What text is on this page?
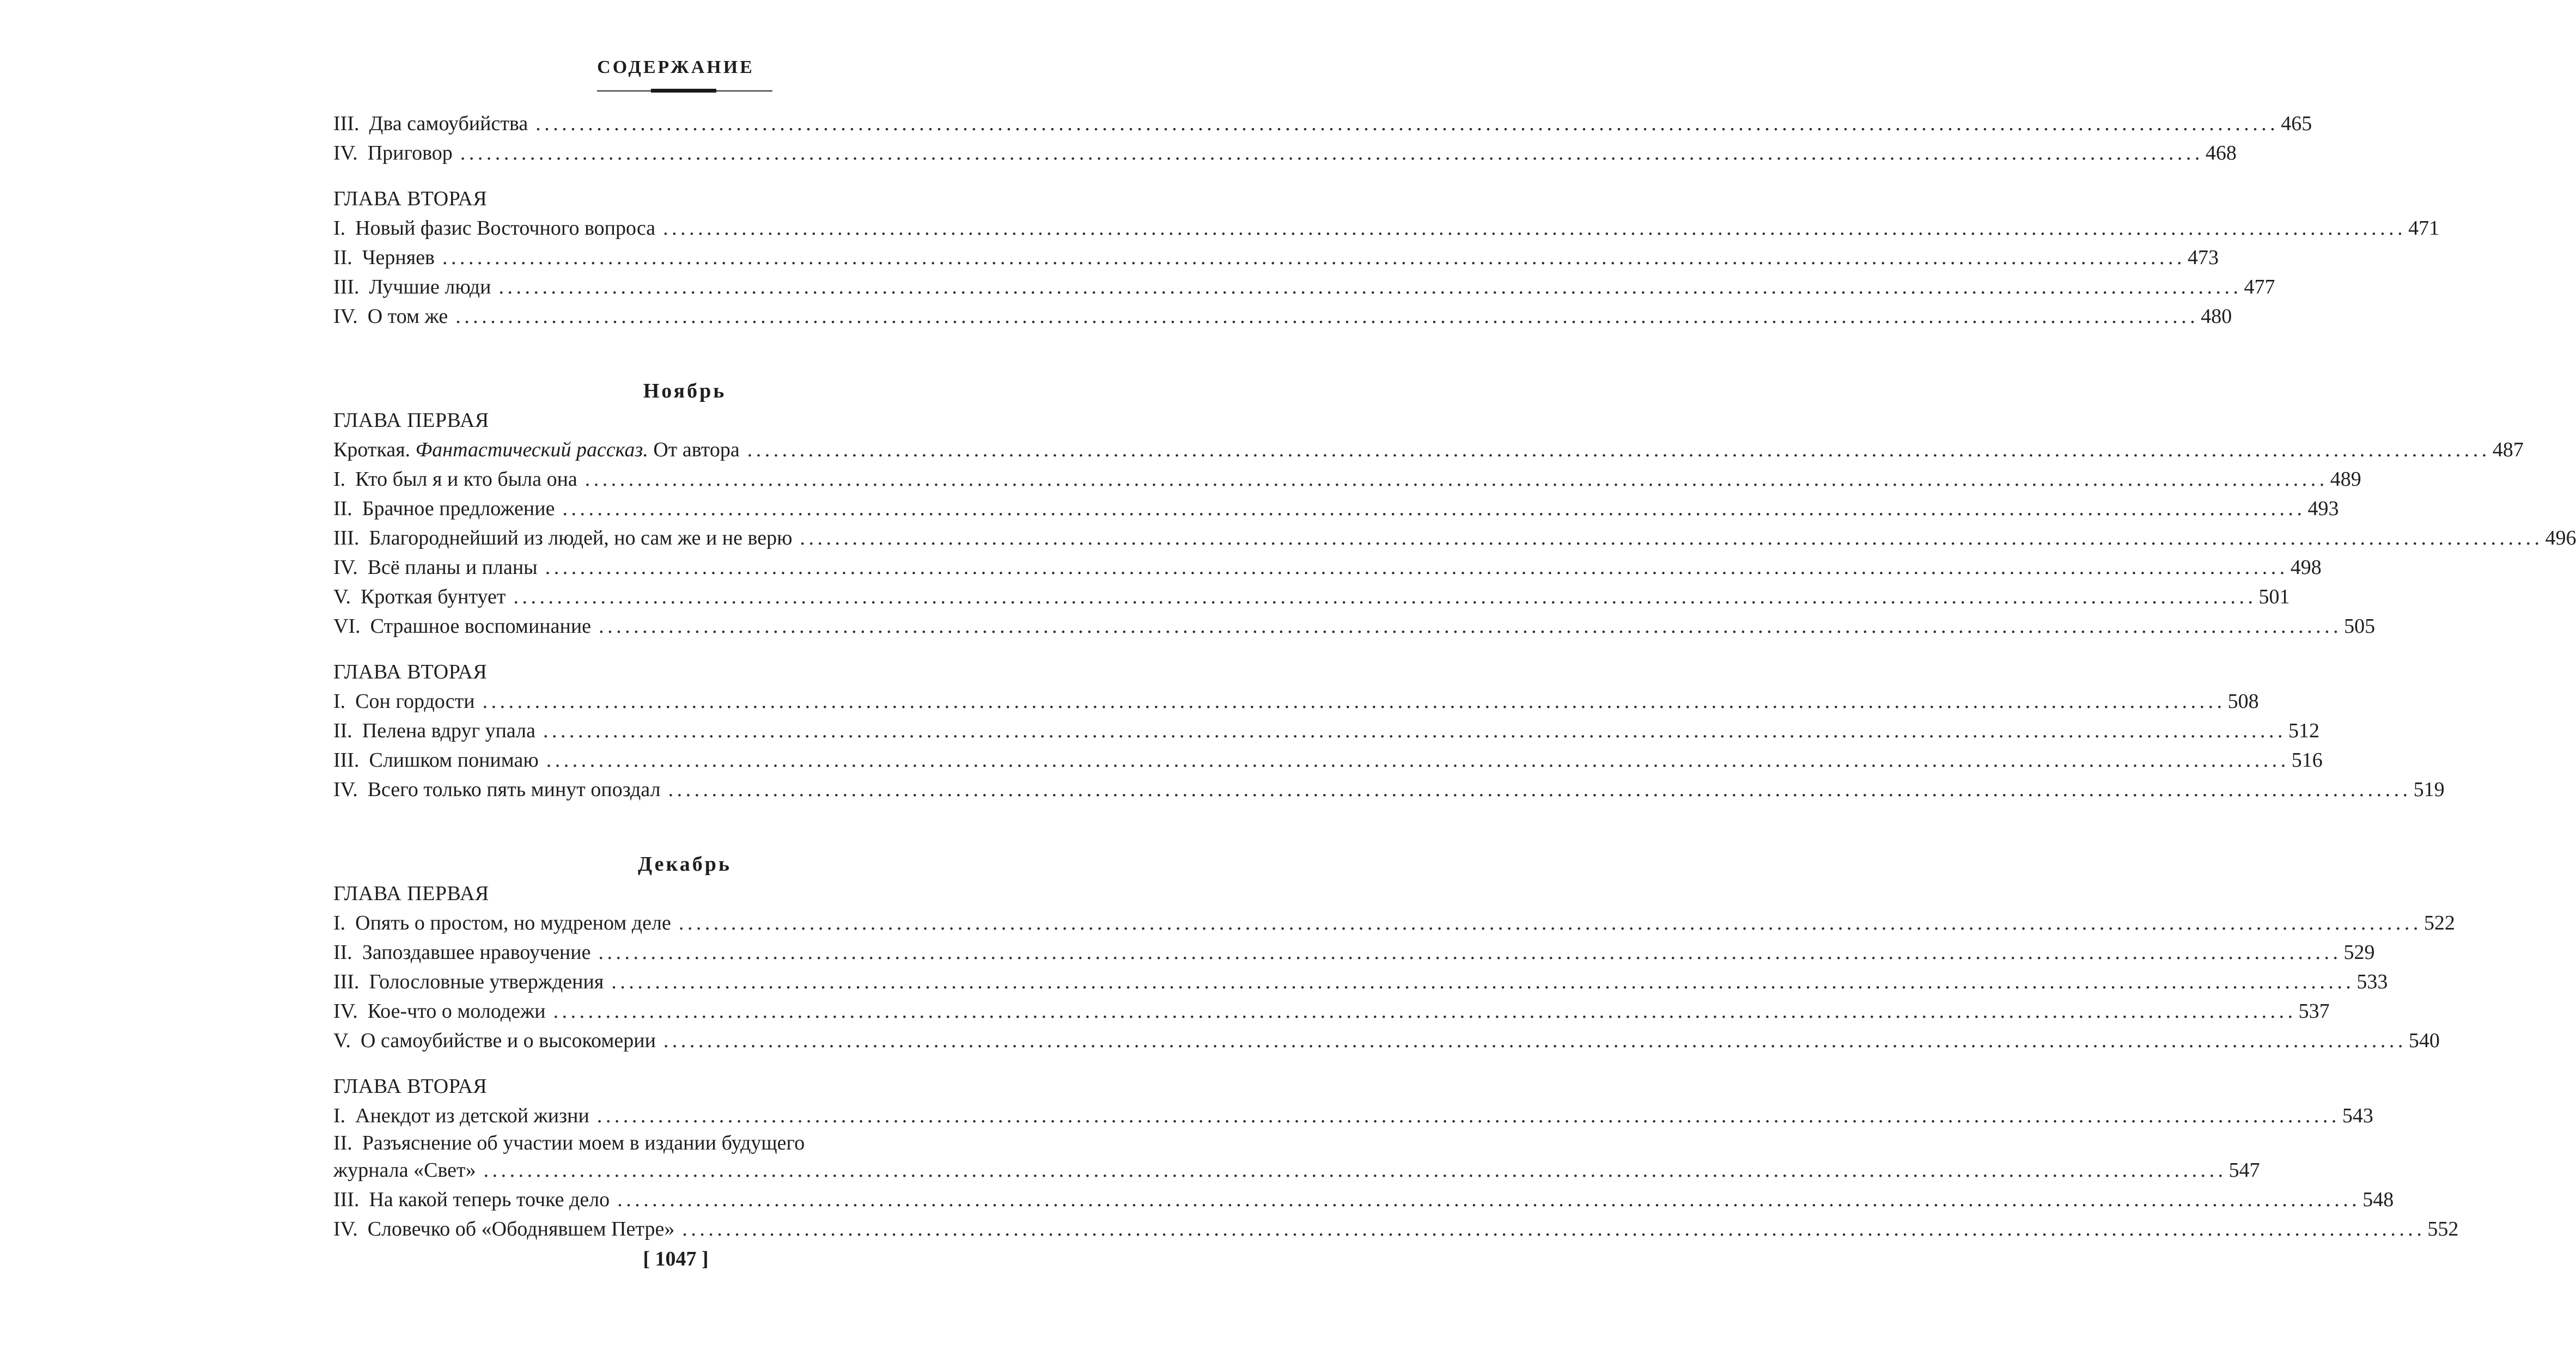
СОДЕРЖАНИЕ
III. Два самоубийства ........................................................................................................................................................................................................ 465
IV. Приговор ........................................................................................................................................................................................................ 468
ГЛАВА ВТОРАЯ
I. Новый фазис Восточного вопроса ........................................................................................................................................................................................................ 471
II. Черняев ........................................................................................................................................................................................................ 473
III. Лучшие люди ........................................................................................................................................................................................................ 477
IV. О том же ........................................................................................................................................................................................................ 480
Ноябрь
ГЛАВА ПЕРВАЯ
Кроткая. Фантастический рассказ. От автора ........................................................................................................................................................................................................ 487
I. Кто был я и кто была она ........................................................................................................................................................................................................ 489
II. Брачное предложение ........................................................................................................................................................................................................ 493
III. Благороднейший из людей, но сам же и не верю ........................................................................................................................................................................................................ 496
IV. Всё планы и планы ........................................................................................................................................................................................................ 498
V. Кроткая бунтует ........................................................................................................................................................................................................ 501
VI. Страшное воспоминание ........................................................................................................................................................................................................ 505
ГЛАВА ВТОРАЯ
I. Сон гордости ........................................................................................................................................................................................................ 508
II. Пелена вдруг упала ........................................................................................................................................................................................................ 512
III. Слишком понимаю ........................................................................................................................................................................................................ 516
IV. Всего только пять минут опоздал ........................................................................................................................................................................................................ 519
Декабрь
ГЛАВА ПЕРВАЯ
I. Опять о простом, но мудреном деле ........................................................................................................................................................................................................ 522
II. Запоздавшее нравоучение ........................................................................................................................................................................................................ 529
III. Голословные утверждения ........................................................................................................................................................................................................ 533
IV. Кое-что о молодежи ........................................................................................................................................................................................................ 537
V. О самоубийстве и о высокомерии ........................................................................................................................................................................................................ 540
ГЛАВА ВТОРАЯ
I. Анекдот из детской жизни ........................................................................................................................................................................................................ 543
II. Разъяснение об участии моем в издании будущего
журнала «Свет» ........................................................................................................................................................................................................ 547
III. На какой теперь точке дело ........................................................................................................................................................................................................ 548
IV. Словечко об «Ободнявшем Петре» ........................................................................................................................................................................................................ 552
[ 1047 ]
